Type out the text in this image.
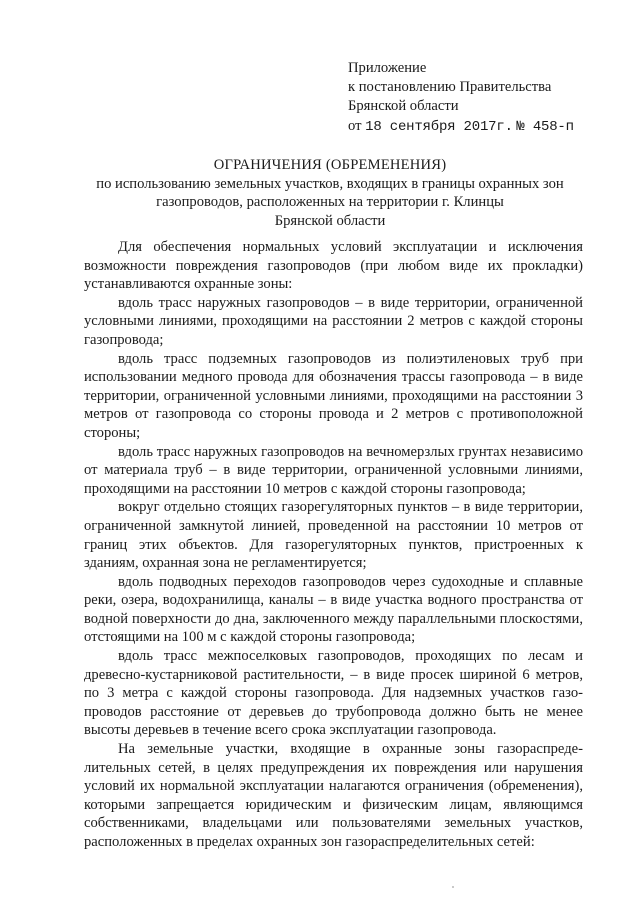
Приложение
к постановлению Правительства
Брянской области
от 18 сентября 2017г. № 458-п
ОГРАНИЧЕНИЯ (ОБРЕМЕНЕНИЯ)
по использованию земельных участков, входящих в границы охранных зон
газопроводов, расположенных на территории г. Клинцы
Брянской области

Для обеспечения нормальных условий эксплуатации и исключения возможности повреждения газопроводов (при любом виде их прокладки) устанавливаются охранные зоны:

вдоль трасс наружных газопроводов – в виде территории, ограниченной условными линиями, проходящими на расстоянии 2 метров с каждой стороны газопровода;

вдоль трасс подземных газопроводов из полиэтиленовых труб при использовании медного провода для обозначения трассы газопровода – в виде территории, ограниченной условными линиями, проходящими на расстоянии 3 метров от газопровода со стороны провода и 2 метров с противоположной стороны;

вдоль трасс наружных газопроводов на вечномерзлых грунтах независимо от материала труб – в виде территории, ограниченной условными линиями, проходящими на расстоянии 10 метров с каждой стороны газопровода;

вокруг отдельно стоящих газорегуляторных пунктов – в виде территории, ограниченной замкнутой линией, проведенной на расстоянии 10 метров от границ этих объектов. Для газорегуляторных пунктов, пристроенных к зданиям, охранная зона не регламентируется;

вдоль подводных переходов газопроводов через судоходные и сплавные реки, озера, водохранилища, каналы – в виде участка водного пространства от водной поверхности до дна, заключенного между параллельными плоскостями, отстоящими на 100 м с каждой стороны газопровода;

вдоль трасс межпоселковых газопроводов, проходящих по лесам и древесно-кустарниковой растительности, – в виде просек шириной 6 метров, по 3 метра с каждой стороны газопровода. Для надземных участков газопроводов расстояние от деревьев до трубопровода должно быть не менее высоты деревьев в течение всего срока эксплуатации газопровода.

На земельные участки, входящие в охранные зоны газораспределительных сетей, в целях предупреждения их повреждения или нарушения условий их нормальной эксплуатации налагаются ограничения (обременения), которыми запрещается юридическим и физическим лицам, являющимся собственниками, владельцами или пользователями земельных участков, расположенных в пределах охранных зон газораспределительных сетей:
